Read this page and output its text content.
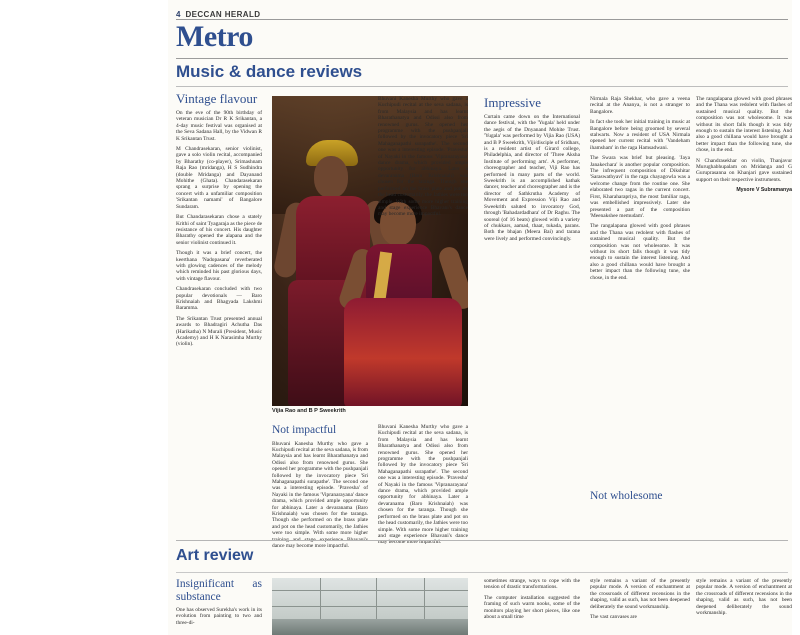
4 DECCAN HERALD
Metro
Music & dance reviews
Vintage flavour

On the eve of the 90th birthday of veteran musician Dr R K Srikantan, a 4-day music festival was organised at the Seva Sadana Hall, by the Vidwan R K Srikantan Trust.

M Chandrasekaran, senior violinist, gave a solo violin recital, accompanied by Bharathy (co-player), Srimashnam Raja Rao (mridanga), H S Sudhindra (double Mridanga) and Dayanand Mohithe (Ghata). Chandarasekaran sprang a surprise by opening the concert with a unfamiliar composition 'Srikantan namami' of Bangalore Sundaram.

But Chandarasekaran chose a stately Krithi of saint Tyagaraja as the piece de resistance of his concert. His daughter Bharathy opened the alapana and the senior violinist continued it.

Though it was a brief concert, the keerthana 'Nadopasana' reverberated with glowing cadences of the melody which reminded his past glorious days, with vintage flavour.

Chandrasekaran concluded with two popular devotionals — Baro Krishnaiah and Bhagyada Lakshmi Baramma.

The Srikantan Trust presented annual awards to Bhadragiri Achutha Das (Harikatha) N Murali (President, Music Academy) and H K Narasimha Murthy (violin).

Vijia Rao and B P Sweekrith
Not impactful

Bhuvani Kanesha Murthy who gave a Kuchipudi recital at the seva sadana, is from Malaysia and has learnt Bharathanatya and Odissi also from renowned gurus. She opened her programme with the pushpanjali followed by the invocatory piece 'Sri Mahaganapathi surapathe'. The second one was a interesting episode. 'Pravesha' of Nayaki in the famous 'Vipranarayana' dance drama, which provided ample opportunity for abhinaya. Later a devaranama (Baro Krishnaiah) was chosen for the taranga. Though she performed on the brass plate and pot on the head customarily, the Jathies were too simple. With some more higher training and stage experience Bhavani's dance may become more impactful.

Bhuvani Kanesha Murthy who gave a Kuchipudi recital at the seva sadana, is from Malaysia and has learnt Bharathanatya and Odissi also from renowned gurus. She opened her programme with the pushpanjali followed by the invocatory piece 'Sri Mahaganapathi surapathe'. The second one was a interesting episode. 'Pravesha' of Nayaki in the famous 'Vipranarayana' dance drama, which provided ample opportunity for abhinaya. Later a devaranama (Baro Krishnaiah) was chosen for the taranga. Though she performed on the brass plate and pot on the head customarily, the Jathies were too simple. With some more higher training and stage experience Bhavani's dance may become more impactful.

Bhuvani Kanesha Murthy who gave a Kuchipudi recital at the seva sadana, is from Malaysia and has learnt Bharathanatya and Odissi also from renowned gurus. She opened her programme with the pushpanjali followed by the invocatory piece 'Sri Mahaganapathi surapathe'. The second one was a interesting episode. 'Pravesha' of Nayaki in the famous 'Vipranarayana' dance drama, which provided ample opportunity for abhinaya. Later a devaranama (Baro Krishnaiah) was chosen for the taranga. Though she performed on the brass plate and pot on the head customarily, the Jathies were too simple. With some more higher training and stage experience Bhavani's dance may become more impactful.

Impressive

Curtain came down on the International dance festival, with the 'Yugala' held under the aegis of the Dnyanand Mohite Trust. 'Yugala' was performed by Vijia Rao (USA) and B P Sweekrith, Viji/disciple of Sridhars, is a resident artist of Girard college, Philadelphia, and director of 'Three Aksha Institute of performing arts'. A performer, choreographer and teacher, Viji Rao has performed in many parts of the world. Sweekrith is an accomplished kathak dancer, teacher and choreographer and is the director of Sathkrutha Academy of Movement and Expression Viji Rao and Sweekrith saluted to invocatory God, through 'Bahadardadhara' of Dr Raghu. The sooreal (of 16 beats) glowed with a variety of chukkars, aamad, thaat, tukada, parans. Both the bhajan (Meera Bai) and tarana were lively and performed convincingly.

Nirmala Raja Shekhar, who gave a veena recital at the Ananya, is not a stranger to Bangalore.

In fact she took her initial training in music at Bangalore before being groomed by several stalwarts. Now a resident of USA Nirmala opened her current recital with 'Vandeham ihamsham' in the raga Hamsadwani.

The Swara was brief but pleasing. 'Jaya Janakechara' is another popular composition. The infrequent composition of Dikshitar 'Saraswathyavi' in the raga chayagowla was a welcome change from the routine one. She elaborated two ragas in the current concert. First, Kharaharapriya, the most familiar raga, was embellished impressively. Later she presented a part of the composition 'Meenakshee memudam'.

The rangalapana glowed with good phrases and the Thana was redolent with flashes of sustained musical quality. But the composition was not wholesome. It was without its short falls though it was tidy enough to sustain the interest listening. And also a good chillana would have brought a better impact than the following tune, she chose, in the end.

The rangalapana glowed with good phrases and the Thana was redolent with flashes of sustained musical quality. But the composition was not wholesome. It was without its short falls though it was tidy enough to sustain the interest listening. And also a good chillana would have brought a better impact than the following tune, she chose, in the end.

N Chandrasekhar on violin, Thanjavur Murughabhupalam on Mridanga and G Guruprasanna on Khanjari gave sustained support on their respective instruments.

Mysore V Subramanya
Not wholesome
Art review
Insignificant as substance

One has observed Surekha's work in its evolution from painting to two and three-di-

sometimes strange, ways to cope with the tension of drastic transformations.

The computer installation suggested the framing of such warm nooks, some of the monitors playing her short pieces, like one about a small time

style remains a variant of the presently popular mode. A version of enchantment at the crossroads of different recensions in the shaping, valid as such, has not been deepened deliberately the sound workmanship.

The vast canvases are

style remains a variant of the presently popular mode. A version of enchantment at the crossroads of different recensions in the shaping, valid as such, has not been deepened deliberately the sound workmanship.
